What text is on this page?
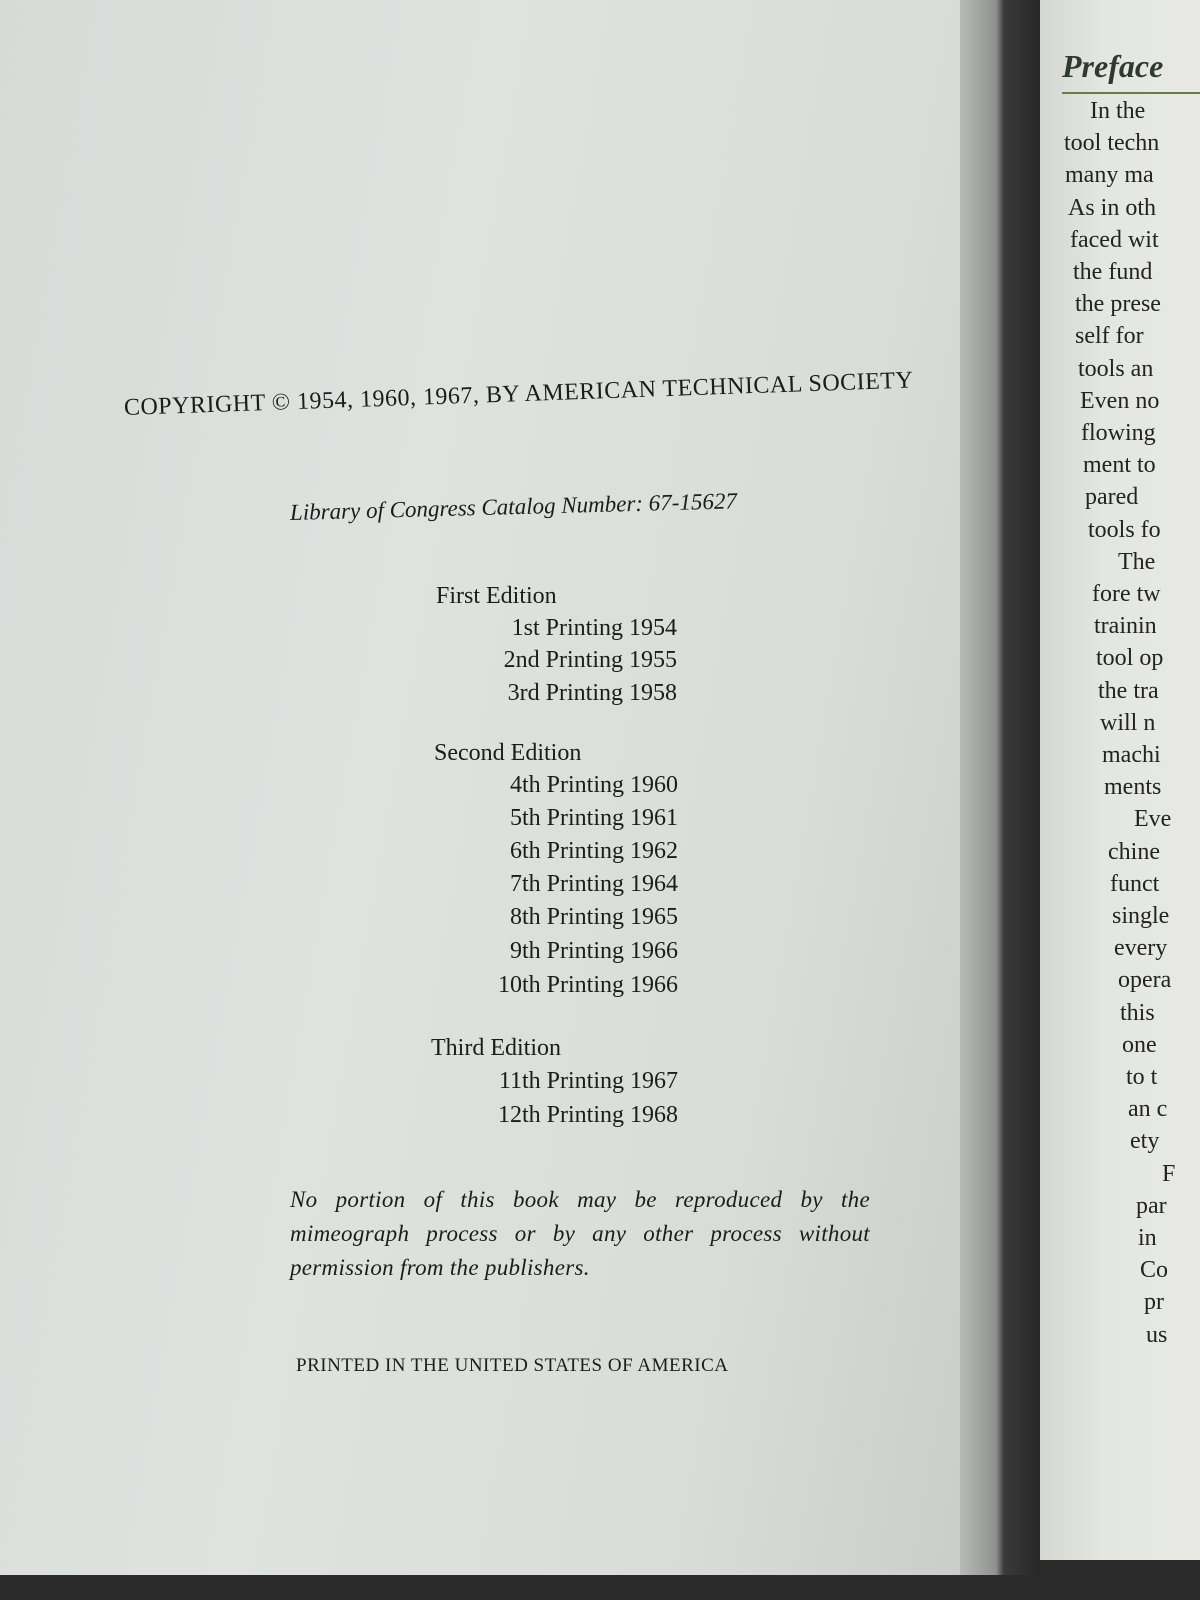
COPYRIGHT © 1954, 1960, 1967, BY AMERICAN TECHNICAL SOCIETY
Library of Congress Catalog Number: 67-15627
First Edition
1st Printing 1954
2nd Printing 1955
3rd Printing 1958
Second Edition
4th Printing 1960
5th Printing 1961
6th Printing 1962
7th Printing 1964
8th Printing 1965
9th Printing 1966
10th Printing 1966
Third Edition
11th Printing 1967
12th Printing 1968
No portion of this book may be reproduced by the mimeograph process or by any other process without permission from the publishers.
PRINTED IN THE UNITED STATES OF AMERICA
Preface
In the
tool techn
many ma
As in oth
faced wit
the fund
the prese
self for
tools an
Even no
flowing
ment to
pared
tools fo
The
fore tw
trainin
tool op
the tra
will n
machi
ments
Eve
chine
funct
single
every
opera
this
one
to t
an c
ety
F
par
in
Co
pr
us
